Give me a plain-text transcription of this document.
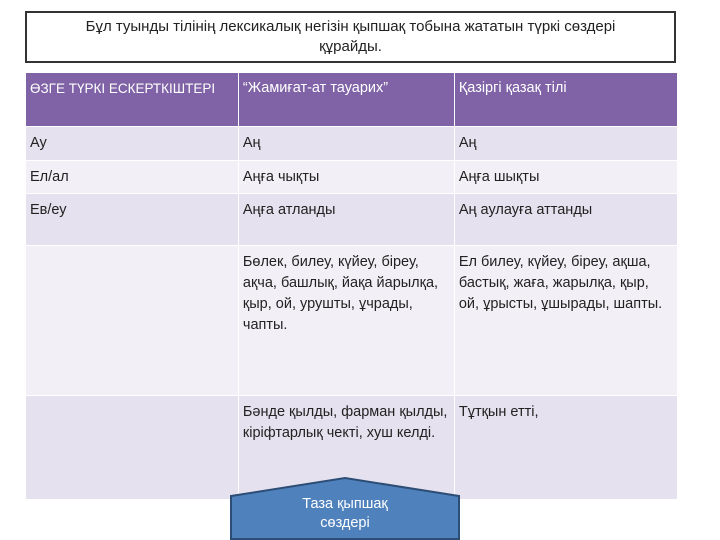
Бұл туынды тілінің лексикалық негізін қыпшақ тобына жататын түркі сөздері құрайды.
ӨЗГЕ ТҮРКІ ЕСКЕРТКІШТЕРІ	“Жамиғат-ат тауарих”	Қазіргі қазақ тілі
Ау	Аң	Аң
Ел/ал	Аңға чықты	Аңға шықты
Ев/еу	Аңға атланды	Аң аулауға аттанды
	Бөлек, билеу, күйеу, біреу, ақча, башлық, йақа йарылқа, қыр, ой, урушты, ұчрады, чапты.	Ел билеу, күйеу, біреу, ақша, бастық, жаға, жарылқа, қыр, ой, ұрысты, ұшырады, шапты.
	Бәнде қылды, фарман қылды, кіріфтарлық чекті, хуш келді.	Тұтқын етті,
Таза қыпшақ
сөздері
